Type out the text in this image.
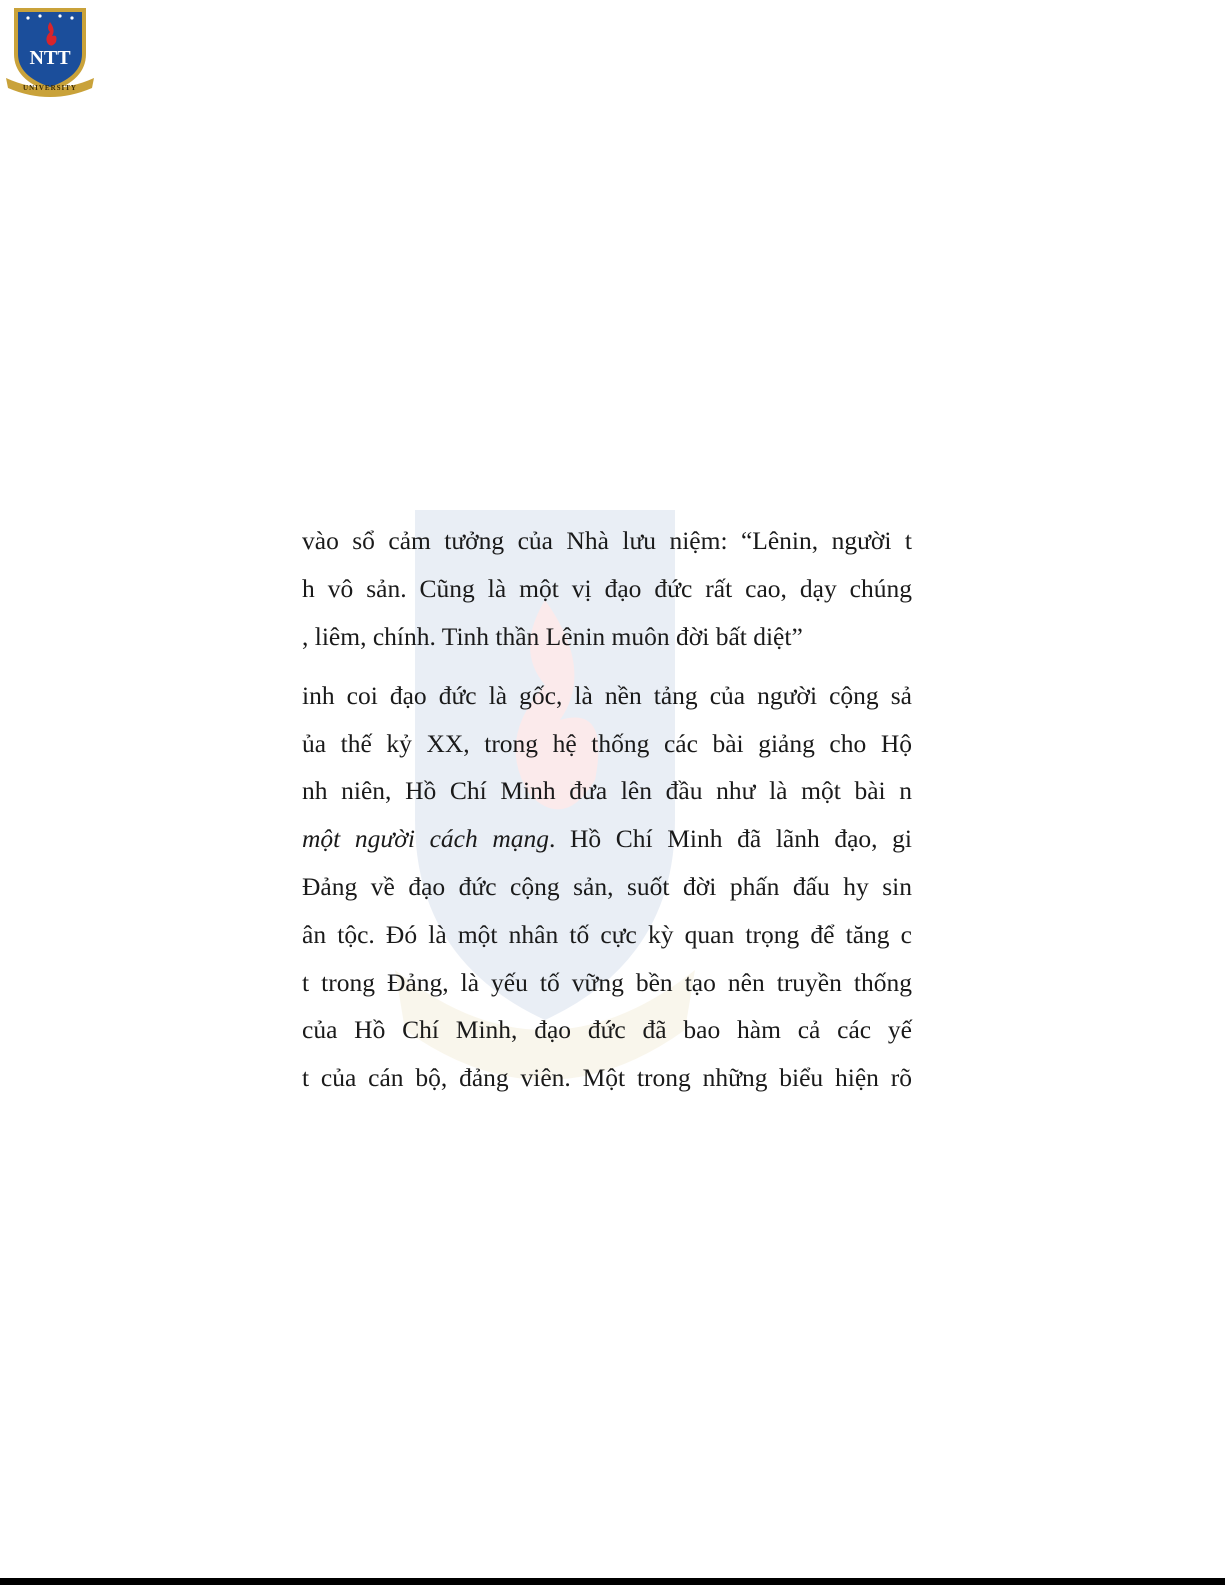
NTT
UNIVERSITY
vào sổ cảm tưởng của Nhà lưu niệm: “Lênin, người t
h vô sản. Cũng là một vị đạo đức rất cao, dạy chúng
, liêm, chính. Tinh thần Lênin muôn đời bất diệt”
inh coi đạo đức là gốc, là nền tảng của người cộng sả
ủa thế kỷ XX, trong hệ thống các bài giảng cho Hộ
nh niên, Hồ Chí Minh đưa lên đầu như là một bài n
một người cách mạng. Hồ Chí Minh đã lãnh đạo, gi
Đảng về đạo đức cộng sản, suốt đời phấn đấu hy sin
ân tộc. Đó là một nhân tố cực kỳ quan trọng để tăng c
t trong Đảng, là yếu tố vững bền tạo nên truyền thống
của Hồ Chí Minh, đạo đức đã bao hàm cả các yế
t của cán bộ, đảng viên. Một trong những biểu hiện rõ
